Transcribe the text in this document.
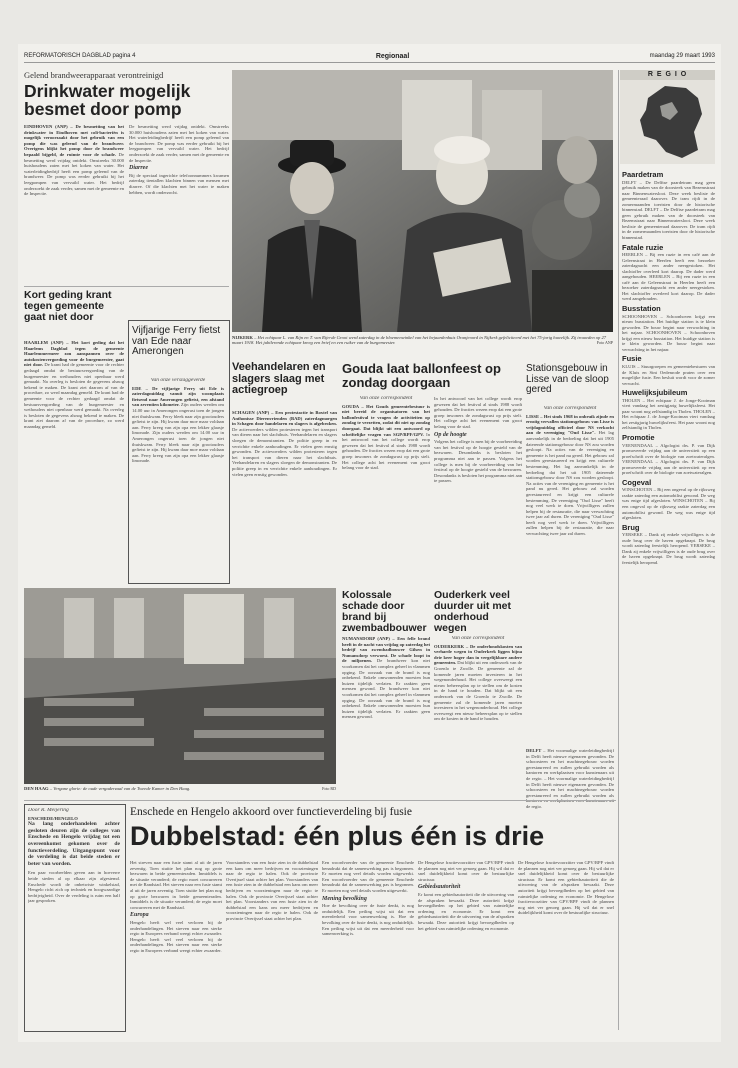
REFORMATORISCH DAGBLAD pagina 4	Regionaal	maandag 29 maart 1993
Gelend brandweerapparaat verontreinigd
Drinkwater mogelijk besmet door pomp
EINDHOVEN (ANP) – De besmetting van het drinkwater in Eindhoven met coli-bacteriën is mogelijk veroorzaakt door het gebruik van een pomp die was geleend van de brandweer. Overigens blijkt het pomp door de brandweer bepaald bijgeld, de ruimte voor de schade. De besmetting werd vrijdag ontdekt. Omstreeks 30.000 huishoudens zaten met het koken van water. Het waterleidingbedrijf heeft een pomp geleend van de brandweer. De pomp was eerder gebruikt bij het leegpompen van vervuild water. Het bedrijf onderzoekt de zaak verder, samen met de gemeente en de Inspectie.
De besmetting werd vrijdag ontdekt. Omstreeks 30.000 huishoudens zaten met het koken van water. Het waterleidingbedrijf heeft een pomp geleend van de brandweer. De pomp was eerder gebruikt bij het leegpompen van vervuild water. Het bedrijf onderzoekt de zaak verder, samen met de gemeente en de Inspectie.
Diarree
Bij de speciaal ingerichte telefoonnummers kwamen zaterdag tientallen klachten binnen van mensen met diarree. Of die klachten met het water te maken hebben, wordt onderzocht.
NIJKERK – Het echtpaar L. van Rijn en T. van Rijn-de Groot werd zaterdag in de bloemenwinkel van het bejaardenhuis Oranjeoord in Nijkerk gefeliciteerd met het 75-jarig huwelijk. Zij trouwden op 27 maart 1918. Het jubilerende echtpaar kreeg een brief en een ruiker van de burgemeester.	Foto ANP
R E G I O
Paardetram
DELFT – De Delftse paardetram mag geen gebruik maken van de doorsteek van Bezemstraat naar Binnenwatersloot. Deze week besliste de gemeenteraad daarover. De tram rijdt in de zomermaanden toeristen door de historische binnenstad. DELFT – De Delftse paardetram mag geen gebruik maken van de doorsteek van Bezemstraat naar Binnenwatersloot. Deze week besliste de gemeenteraad daarover. De tram rijdt in de zomermaanden toeristen door de historische binnenstad.
Fatale ruzie
HEERLEN – Bij een ruzie in een café aan de Geleenstraat in Heerlen heeft een bezoeker zaterdagnacht een ander neergestoken. Het slachtoffer overleed kort daarop. De dader werd aangehouden. HEERLEN – Bij een ruzie in een café aan de Geleenstraat in Heerlen heeft een bezoeker zaterdagnacht een ander neergestoken. Het slachtoffer overleed kort daarop. De dader werd aangehouden.
Busstation
SCHOONHOVEN – Schoonhoven krijgt een nieuw busstation. Het huidige station is te klein geworden. De bouw begint naar verwachting in het najaar. SCHOONHOVEN – Schoonhoven krijgt een nieuw busstation. Het huidige station is te klein geworden. De bouw begint naar verwachting in het najaar.
Fusie
KLUIS – Stuurgroepen en gemeentebesturen van de Kluis en Sint Oedenrode praten over een mogelijke fusie. Een besluit wordt voor de zomer verwacht.
Huwelijksjubileum
THOLEN – Het echtpaar J. de Jonge-Kooiman viert vandaag het zestigjarig huwelijksfeest. Het paar woont nog zelfstandig in Tholen. THOLEN – Het echtpaar J. de Jonge-Kooiman viert vandaag het zestigjarig huwelijksfeest. Het paar woont nog zelfstandig in Tholen.
Promotie
VEENENDAAL – Algologist drs. P. van Dijk promoveerde vrijdag aan de universiteit op een proefschrift over de biologie van zoetwateralgen. VEENENDAAL – Algologist drs. P. van Dijk promoveerde vrijdag aan de universiteit op een proefschrift over de biologie van zoetwateralgen.
Cogeval
WINSCHOTEN – Bij een ongeval op de rijksweg raakte zaterdag een automobilist gewond. De weg was enige tijd afgesloten. WINSCHOTEN – Bij een ongeval op de rijksweg raakte zaterdag een automobilist gewond. De weg was enige tijd afgesloten.
Brug
YERSEKE – Dank zij enkele vrijwilligers is de oude brug over de haven opgeknapt. De brug wordt zaterdag feestelijk heropend. YERSEKE – Dank zij enkele vrijwilligers is de oude brug over de haven opgeknapt. De brug wordt zaterdag feestelijk heropend.
Kort geding krant tegen gemeente gaat niet door
HAARLEM (ANP) – Het kort geding dat het Haarlems Dagblad tegen de gemeente Haarlemmermeer zou aanspannen over de autokostenvergoeding voor de burgemeester, gaat niet door. De krant had de gemeente voor de rechter gedaagd omdat de bestuursvergoeding van de burgemeester en wethouders niet openbaar werd gemaakt. Na overleg is besloten de gegevens alsnog bekend te maken. De krant ziet daarom af van de procedure, zo werd maandag gemeld. De krant had de gemeente voor de rechter gedaagd omdat de bestuursvergoeding van de burgemeester en wethouders niet openbaar werd gemaakt. Na overleg is besloten de gegevens alsnog bekend te maken. De krant ziet daarom af van de procedure, zo werd maandag gemeld.
Vijfjarige Ferry fietst van Ede naar Amerongen
Van onze verslaggeverde
EDE – De vijfjarige Ferry uit Ede is zaterdagmiddag vanuit zijn woonplaats fietsend naar Amerongen gefietst, een afstand van zeventien kilometer. Zijn ouders werden om 14.00 uur in Amerongen ongerust toen de jongen niet thuiskwam. Ferry bleek naar zijn grootouders gefietst te zijn. Hij kwam daar moe maar voldaan aan. Ferry kreeg van zijn opa een lekker glaasje limonade. Zijn ouders werden om 14.00 uur in Amerongen ongerust toen de jongen niet thuiskwam. Ferry bleek naar zijn grootouders gefietst te zijn. Hij kwam daar moe maar voldaan aan. Ferry kreeg van zijn opa een lekker glaasje limonade.
Veehandelaren en slagers slaag met actiegroep
SCHAGEN (ANP) – Een protestactie in Boxtel van Anthonisse Dierenvrienden (BAD) zaterdagmorgen in Schagen door handelaren en slagers is afgebroken. De actievoerders wilden protesteren tegen het transport van dieren naar het slachthuis. Veehandelaren en slagers sloegen de demonstranten. De politie greep in en verrichtte enkele aanhoudingen. Er vielen geen ernstig gewonden. De actievoerders wilden protesteren tegen het transport van dieren naar het slachthuis. Veehandelaren en slagers sloegen de demonstranten. De politie greep in en verrichtte enkele aanhoudingen. Er vielen geen ernstig gewonden.
Gouda laat ballonfeest op zondag doorgaan
Van onze correspondent
GOUDA – Het Gouds gemeentebestuur is niet bereid de organisatoren van het ballonfestival te vragen de activiteiten op zondag te verzetten, zodat dit niet op zondag doorgaat. Dat blijkt uit een antwoord op schriftelijke vragen van SGP/RPF/GPV. In het antwoord van het college wordt erop gewezen dat het festival al sinds 1988 wordt gehouden. De fracties wezen erop dat een grote groep inwoners de zondagsrust op prijs stelt. Het college acht het evenement van groot belang voor de stad.
In het antwoord van het college wordt erop gewezen dat het festival al sinds 1988 wordt gehouden. De fracties wezen erop dat een grote groep inwoners de zondagsrust op prijs stelt. Het college acht het evenement van groot belang voor de stad.
Op de hoogte
Volgens het college is men bij de voorbereiding van het festival op de hoogte gesteld van de bezwaren. Desondanks is besloten het programma niet aan te passen. Volgens het college is men bij de voorbereiding van het festival op de hoogte gesteld van de bezwaren. Desondanks is besloten het programma niet aan te passen.
Stationsgebouw in Lisse van de sloop gered
Van onze correspondent
LISSE – Het sinds 1968 in onbruik zijnde en ernstig vervallen stationsgebouw van Lisse is vrijdagmiddag officieel door NS verkocht aan de vereniging "Oud Lisse". Het lag aanvankelijk in de bedoeling dat het uit 1905 daterende stationsgebouw door NS zou worden gesloopt. Na acties van de vereniging en gemeente is het pand nu gered. Het gebouw zal worden gerestaureerd en krijgt een culturele bestemming. Het lag aanvankelijk in de bedoeling dat het uit 1905 daterende stationsgebouw door NS zou worden gesloopt. Na acties van de vereniging en gemeente is het pand nu gered. Het gebouw zal worden gerestaureerd en krijgt een culturele bestemming. De vereniging "Oud Lisse" heeft nog veel werk te doen. Vrijwilligers zullen helpen bij de restauratie, die naar verwachting twee jaar zal duren. De vereniging "Oud Lisse" heeft nog veel werk te doen. Vrijwilligers zullen helpen bij de restauratie, die naar verwachting twee jaar zal duren.
DELFT – Het voormalige waterleidingbedrijf in Delft heeft nieuwe eigenaren gevonden. De schoorsteen en het machinegebouw worden gerestaureerd en zullen gebruikt worden als kantoren en werkplaatsen voor kunstenaars uit de regio. – Het voormalige waterleidingbedrijf in Delft heeft nieuwe eigenaren gevonden. De schoorsteen en het machinegebouw worden gerestaureerd en zullen gebruikt worden als de regio.
DEN HAAG – Vergane glorie: de oude vergaderzaal van de Tweede Kamer in Den Haag.	Foto RD
Kolossale schade door brand bij zwembadbouwer
NUMANSDORP (ANP) – Een felle brand heeft in de nacht van vrijdag op zaterdag het bedrijf van zwembadbouwer Gilsen in Numansdorp verwoest. De schade loopt in de miljoenen. De brandweer kon niet voorkomen dat het complex geheel in vlammen opging. De oorzaak van de brand is nog onbekend. Enkele omwonenden moesten hun huizen tijdelijk verlaten. Er raakten geen mensen gewond. De brandweer kon niet voorkomen dat het complex geheel in vlammen opging. De oorzaak van de brand is nog onbekend. Enkele omwonenden moesten hun huizen tijdelijk verlaten. Er raakten geen mensen gewond.
Ouderkerk veel duurder uit met onderhoud wegen
Van onze correspondent
OUDERKERK – De onderhoudskosten van verharde wegen in Ouderkerk liggen bijna drie keer hoger dan in vergelijkbare andere gemeenten. Dat blijkt uit een onderzoek van de Groenlo te Zwolle. De gemeente zal de komende jaren moeten investeren in het wegenonderhoud. Het college overweegt een nieuw beheersplan op te stellen om de kosten in de hand te houden. Dat blijkt uit een onderzoek van de Groenlo te Zwolle. De gemeente zal de komende jaren moeten investeren in het wegenonderhoud. Het college overweegt een nieuw beheersplan op te stellen om de kosten in de hand te houden.
Door R. Meijering
ENSCHEDE/HENGELO
Na lang onderhandelen achter gesloten deuren zijn de colleges van Enschede en Hengelo vrijdag tot een overeenkomst gekomen over de functieverdeling. Uitgangspunt voor de verdeling is dat beide steden er beter van worden.
Een paar voorbeelden geven aan in hoeverre beide steden al op elkaar zijn afgestemd. Enschede wordt de onbetwiste winkelstad, Hengelo richt zich op techniek en hoogwaardige bedrijvigheid. Over de verdeling is ruim een half jaar gesproken.
Enschede en Hengelo akkoord over functieverdeling bij fusie
Dubbelstad: één plus één is drie
Het streven naar een fusie stamt al uit de jaren zeventig. Toen stuitte het plan nog op grote bezwaren in beide gemeenteraden. Inmiddels is de situatie veranderd; de regio moet concurreren met de Randstad. Het streven naar een fusie stamt al uit de jaren zeventig. Toen stuitte het plan nog op grote bezwaren in beide gemeenteraden. Inmiddels is de situatie veranderd; de regio moet concurreren met de Randstad.
Europa
Hengelo heeft wel veel verloren bij de onderhandelingen. Het streven naar een sterke regio in Europees verband weegt echter zwaarder. Hengelo heeft wel veel verloren bij de onderhandelingen. Het streven naar een sterke regio in Europees verband weegt echter zwaarder.
Voorstanders van een fusie zien in de dubbelstad een kans om meer bedrijven en voorzieningen naar de regio te halen. Ook de provincie Overijssel staat achter het plan. Voorstanders van een fusie zien in de dubbelstad een kans om meer bedrijven en voorzieningen naar de regio te halen. Ook de provincie Overijssel staat achter het plan. Voorstanders van een fusie zien in de dubbelstad een kans om meer bedrijven en voorzieningen naar de regio te halen. Ook de provincie Overijssel staat achter het plan.
Een woordvoerder van de gemeente Enschede benadrukt dat de samenwerking pas is begonnen. Er moeten nog veel details worden uitgewerkt. Een woordvoerder van de gemeente Enschede benadrukt dat de samenwerking pas is begonnen. Er moeten nog veel details worden uitgewerkt.
Mening bevolking
Hoe de bevolking over de fusie denkt, is nog onduidelijk. Een peiling wijst uit dat een meerderheid voor samenwerking is. Hoe de bevolking over de fusie denkt, is nog onduidelijk. Een peiling wijst uit dat een meerderheid voor samenwerking is.
De Hengelose fractievoorzitter van GPV/RPF vindt de plannen nog niet ver genoeg gaan. Hij wil dat er snel duidelijkheid komt over de bestuurlijke structuur.
Gebiedsautoriteit
Er komt een gebiedsautoriteit die de uitvoering van de afspraken bewaakt. Deze autoriteit krijgt bevoegdheden op het gebied van ruimtelijke ordening en economie. Er komt een gebiedsautoriteit die de uitvoering van de afspraken bewaakt. Deze autoriteit krijgt bevoegdheden op het gebied van ruimtelijke ordening en economie.
De Hengelose fractievoorzitter van GPV/RPF vindt de plannen nog niet ver genoeg gaan. Hij wil dat er snel duidelijkheid komt over de bestuurlijke structuur. Er komt een gebiedsautoriteit die de uitvoering van de afspraken bewaakt. Deze autoriteit krijgt bevoegdheden op het gebied van ruimtelijke ordening en economie. De Hengelose fractievoorzitter van GPV/RPF vindt de plannen nog niet ver genoeg gaan. Hij wil dat er snel duidelijkheid komt over de bestuurlijke structuur.
